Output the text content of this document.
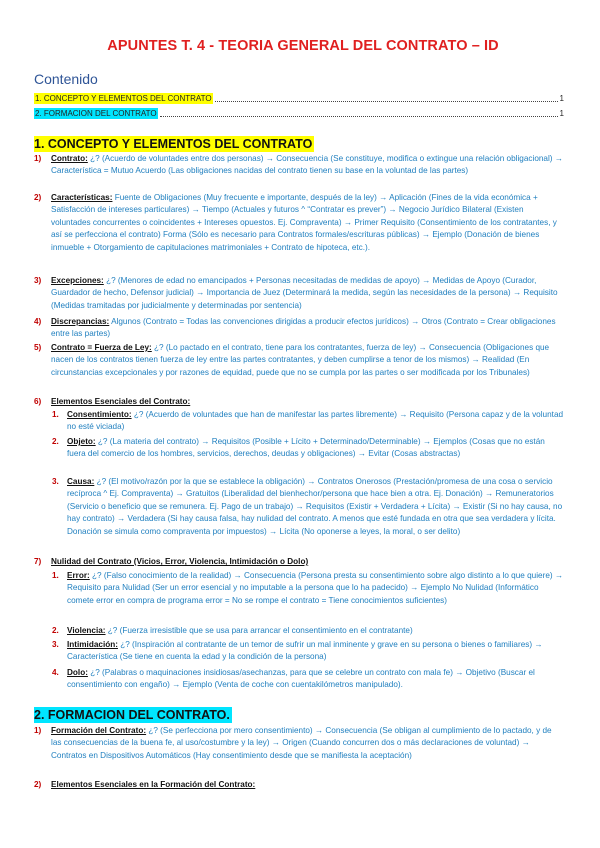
APUNTES T. 4 - TEORIA GENERAL DEL CONTRATO – ID
Contenido
1. CONCEPTO Y ELEMENTOS DEL CONTRATO	1
2. FORMACION DEL CONTRATO	1
1. CONCEPTO Y ELEMENTOS DEL CONTRATO
1) Contrato: ¿? (Acuerdo de voluntades entre dos personas) → Consecuencia (Se constituye, modifica o extingue una relación obligacional) → Característica = Mutuo Acuerdo (Las obligaciones nacidas del contrato tienen su base en la voluntad de las partes)
2) Características: Fuente de Obligaciones (Muy frecuente e importante, después de la ley) → Aplicación (Fines de la vida económica + Satisfacción de intereses particulares) → Tiempo (Actuales y futuros ^ “Contratar es prever”) → Negocio Jurídico Bilateral (Existen voluntades concurrentes o coincidentes + Intereses opuestos. Ej. Compraventa) → Primer Requisito (Consentimiento de los contratantes, y así se perfecciona el contrato) Forma (Sólo es necesario para Contratos formales/escrituras públicas) → Ejemplo (Donación de bienes inmueble + Otorgamiento de capitulaciones matrimoniales + Contrato de hipoteca, etc.).
3) Excepciones: ¿? (Menores de edad no emancipados + Personas necesitadas de medidas de apoyo) → Medidas de Apoyo (Curador, Guardador de hecho, Defensor judicial) → Importancia de Juez (Determinará la medida, según las necesidades de la persona) → Requisito (Medidas tramitadas por judicialmente y determinadas por sentencia)
4) Discrepancias: Algunos (Contrato = Todas las convenciones dirigidas a producir efectos jurídicos) → Otros (Contrato = Crear obligaciones entre las partes)
5) Contrato = Fuerza de Ley: ¿? (Lo pactado en el contrato, tiene para los contratantes, fuerza de ley) → Consecuencia (Obligaciones que nacen de los contratos tienen fuerza de ley entre las partes contratantes, y deben cumplirse a tenor de los mismos) → Realidad (En circunstancias excepcionales y por razones de equidad, puede que no se cumpla por las partes o ser modificada por los Tribunales)
6) Elementos Esenciales del Contrato:
1. Consentimiento: ¿? (Acuerdo de voluntades que han de manifestar las partes libremente) → Requisito (Persona capaz y de la voluntad no esté viciada)
2. Objeto: ¿? (La materia del contrato) → Requisitos (Posible + Lícito + Determinado/Determinable) → Ejemplos (Cosas que no están fuera del comercio de los hombres, servicios, derechos, deudas y obligaciones) → Evitar (Cosas abstractas)
3. Causa: ¿? (El motivo/razón por la que se establece la obligación) → Contratos Onerosos (Prestación/promesa de una cosa o servicio recíproca ^ Ej. Compraventa) → Gratuitos (Liberalidad del bienhechor/persona que hace bien a otra. Ej. Donación) → Remuneratorios (Servicio o beneficio que se remunera. Ej. Pago de un trabajo) → Requisitos (Existir + Verdadera + Lícita) → Existir (Si no hay causa, no hay contrato) → Verdadera (Si hay causa falsa, hay nulidad del contrato. A menos que esté fundada en otra que sea verdadera y lícita. Donación se simula como compraventa por impuestos) → Lícita (No oponerse a leyes, la moral, o ser delito)
7) Nulidad del Contrato (Vicios, Error, Violencia, Intimidación o Dolo)
1. Error: ¿? (Falso conocimiento de la realidad) → Consecuencia (Persona presta su consentimiento sobre algo distinto a lo que quiere) → Requisito para Nulidad (Ser un error esencial y no imputable a la persona que lo ha padecido) → Ejemplo No Nulidad (Informático comete error en compra de programa error = No se rompe el contrato = Tiene conocimientos suficientes)
2. Violencia: ¿? (Fuerza irresistible que se usa para arrancar el consentimiento en el contratante)
3. Intimidación: ¿? (Inspiración al contratante de un temor de sufrir un mal inminente y grave en su persona o bienes o familiares) → Característica (Se tiene en cuenta la edad y la condición de la persona)
4. Dolo: ¿? (Palabras o maquinaciones insidiosas/asechanzas, para que se celebre un contrato con mala fe) → Objetivo (Buscar el consentimiento con engaño) → Ejemplo (Venta de coche con cuentakilómetros manipulado).
2. FORMACION DEL CONTRATO.
1) Formación del Contrato: ¿? (Se perfecciona por mero consentimiento) → Consecuencia (Se obligan al cumplimiento de lo pactado, y de las consecuencias de la buena fe, al uso/costumbre y la ley) → Origen (Cuando concurren dos o más declaraciones de voluntad) → Contratos en Dispositivos Automáticos (Hay consentimiento desde que se manifiesta la aceptación)
2) Elementos Esenciales en la Formación del Contrato:
